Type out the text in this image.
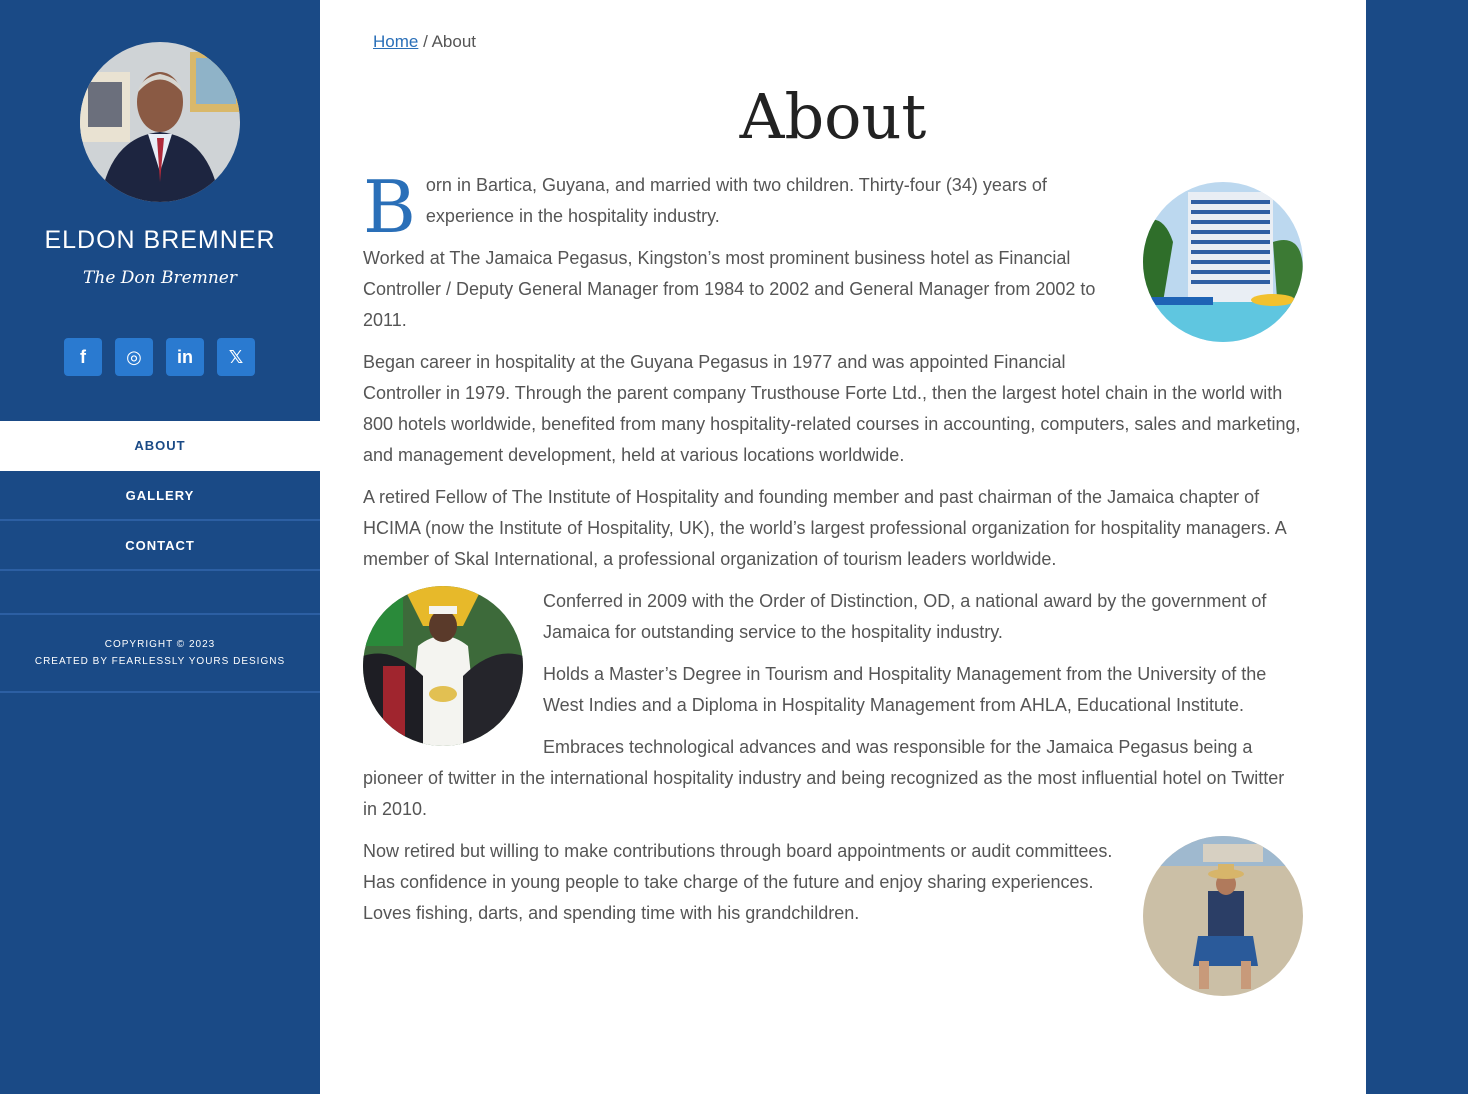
ELDON BREMNER
The Don Bremner
f	◎	in	𝕏
ABOUT
GALLERY
CONTACT
COPYRIGHT © 2023
CREATED BY FEARLESSLY YOURS DESIGNS
Home / About
About

Born in Bartica, Guyana, and married with two children. Thirty-four (34) years of experience in the hospitality industry.

Worked at The Jamaica Pegasus, Kingston’s most prominent business hotel as Financial Controller / Deputy General Manager from 1984 to 2002 and General Manager from 2002 to 2011.

Began career in hospitality at the Guyana Pegasus in 1977 and was appointed Financial Controller in 1979. Through the parent company Trusthouse Forte Ltd., then the largest hotel chain in the world with 800 hotels worldwide, benefited from many hospitality-related courses in accounting, computers, sales and marketing, and management development, held at various locations worldwide.

A retired Fellow of The Institute of Hospitality and founding member and past chairman of the Jamaica chapter of HCIMA (now the Institute of Hospitality, UK), the world’s largest professional organization for hospitality managers. A member of Skal International, a professional organization of tourism leaders worldwide.

Conferred in 2009 with the Order of Distinction, OD, a national award by the government of Jamaica for outstanding service to the hospitality industry.

Holds a Master’s Degree in Tourism and Hospitality Management from the University of the West Indies and a Diploma in Hospitality Management from AHLA, Educational Institute.

Embraces technological advances and was responsible for the Jamaica Pegasus being a pioneer of twitter in the international hospitality industry and being recognized as the most influential hotel on Twitter in 2010.

Now retired but willing to make contributions through board appointments or audit committees. Has confidence in young people to take charge of the future and enjoy sharing experiences. Loves fishing, darts, and spending time with his grandchildren.
